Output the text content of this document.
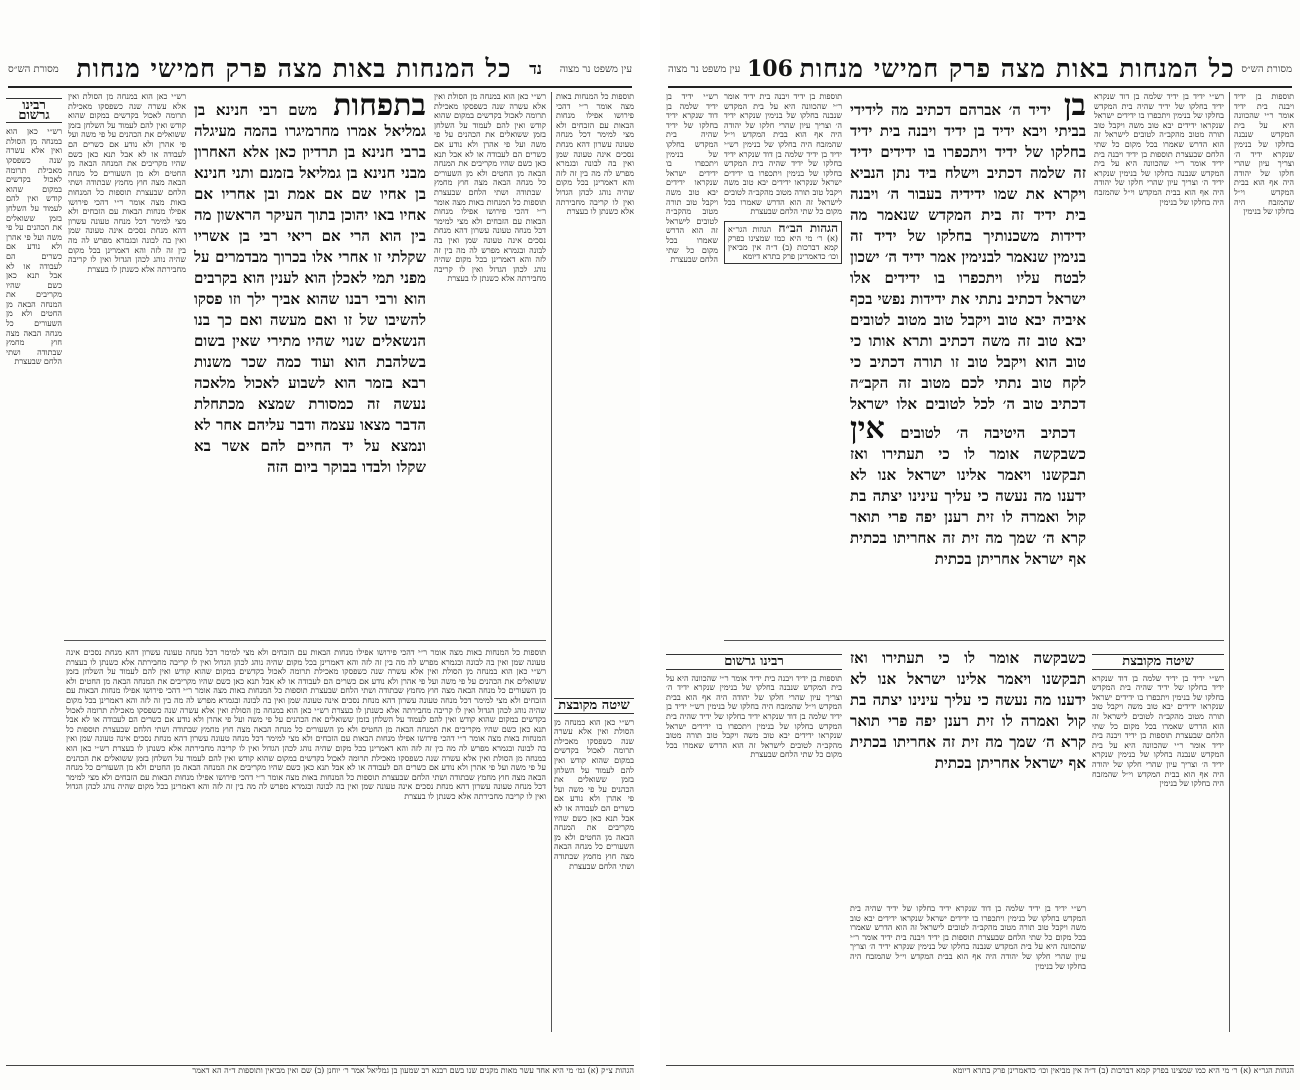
עין משפט נר מצוה
נד
כל המנחות באות מצה פרק חמישי מנחות
מסורת הש״ס
תוספות כל המנחות באות מצה אומר ר״י דהכי פירושו אפילו מנחות הבאות עם הזבחים ולא מצי למימר דכל מנחה טעונה עשרון דהא מנחת נסכים אינה טעונה שמן ואין בה לבונה ובגמרא מפרש לה מה בין זה לזה והא דאמרינן בכל מקום שהיה נוהג לכהן הגדול ואין לו קריבה מחבירתה אלא כשנתן לו בעצרת
רש״י כאן הוא במנחה מן הסולת ואין אלא עשרה שנה כשפסקו מאכילת תרומה לאכול בקדשים במקום שהוא קודש ואין להם לעמוד על השלחן בזמן ששואלים את הכהנים על פי משה ועל פי אהרן ולא נודע אם כשרים הם לעבודה או לא אבל תנא כאן כשם שהיו מקריבים את המנחה הבאה מן החטים ולא מן השעורים כל מנחה הבאה מצה חוץ מחמץ שבתודה ושתי הלחם שבעצרת תוספות כל המנחות באות מצה אומר ר״י דהכי פירושו אפילו מנחות הבאות עם הזבחים ולא מצי למימר דכל מנחה טעונה עשרון דהא מנחת נסכים אינה טעונה שמן ואין בה לבונה ובגמרא מפרש לה מה בין זה לזה והא דאמרינן בכל מקום שהיה נוהג לכהן הגדול ואין לו קריבה מחבירתה אלא כשנתן לו בעצרת
בתפחות משם רבי חנינא בן גמליאל אמרו מחרמיגרו בהמה מעיגלה ברבי חנינא בן תרדיון כאן אלא האחרון מבני חנינא בן גמליאל בזמנם ותני חנינא בן אחיו שם אם אמת ובן אחריו אם אחיו באו יהוכן בתוך העיקר הראשון מה בין הוא הרי אם ריאי רבי בן אשריו שקלתי זו אחרי אלו בכרוך מבדמרים על מפני תמי לאכלן הוא לענין הוא בקרבים הוא ורבי רבנו שהוא אביך ילך וזו פסקו להשיבו של זו ואם מעשה ואם כך בנו הנשאלים שנוי שהיו מתירי שאין בשום בשלהבת הוא ועוד כמה שכר משנות רבא בזמר הוא לשבוע לאכול מלאכה נעשה זה כמסורת שמצא מכתחלת הדבר מצאו עצמה ודבר עליהם אחר לא ונמצא על יד החיים להם אשר בא שקלו ולבדו בבוקר ביום הזה
רש״י כאן הוא במנחה מן הסולת ואין אלא עשרה שנה כשפסקו מאכילת תרומה לאכול בקדשים במקום שהוא קודש ואין להם לעמוד על השלחן בזמן ששואלים את הכהנים על פי משה ועל פי אהרן ולא נודע אם כשרים הם לעבודה או לא אבל תנא כאן כשם שהיו מקריבים את המנחה הבאה מן החטים ולא מן השעורים כל מנחה הבאה מצה חוץ מחמץ שבתודה ושתי הלחם שבעצרת תוספות כל המנחות באות מצה אומר ר״י דהכי פירושו אפילו מנחות הבאות עם הזבחים ולא מצי למימר דכל מנחה טעונה עשרון דהא מנחת נסכים אינה טעונה שמן ואין בה לבונה ובגמרא מפרש לה מה בין זה לזה והא דאמרינן בכל מקום שהיה נוהג לכהן הגדול ואין לו קריבה מחבירתה אלא כשנתן לו בעצרת
רבינו גרשום
רש״י כאן הוא במנחה מן הסולת ואין אלא עשרה שנה כשפסקו מאכילת תרומה לאכול בקדשים במקום שהוא קודש ואין להם לעמוד על השלחן בזמן ששואלים את הכהנים על פי משה ועל פי אהרן ולא נודע אם כשרים הם לעבודה או לא אבל תנא כאן כשם שהיו מקריבים את המנחה הבאה מן החטים ולא מן השעורים כל מנחה הבאה מצה חוץ מחמץ שבתודה ושתי הלחם שבעצרת
תוספות כל המנחות באות מצה אומר ר״י דהכי פירושו אפילו מנחות הבאות עם הזבחים ולא מצי למימר דכל מנחה טעונה עשרון דהא מנחת נסכים אינה טעונה שמן ואין בה לבונה ובגמרא מפרש לה מה בין זה לזה והא דאמרינן בכל מקום שהיה נוהג לכהן הגדול ואין לו קריבה מחבירתה אלא כשנתן לו בעצרת רש״י כאן הוא במנחה מן הסולת ואין אלא עשרה שנה כשפסקו מאכילת תרומה לאכול בקדשים במקום שהוא קודש ואין להם לעמוד על השלחן בזמן ששואלים את הכהנים על פי משה ועל פי אהרן ולא נודע אם כשרים הם לעבודה או לא אבל תנא כאן כשם שהיו מקריבים את המנחה הבאה מן החטים ולא מן השעורים כל מנחה הבאה מצה חוץ מחמץ שבתודה ושתי הלחם שבעצרת תוספות כל המנחות באות מצה אומר ר״י דהכי פירושו אפילו מנחות הבאות עם הזבחים ולא מצי למימר דכל מנחה טעונה עשרון דהא מנחת נסכים אינה טעונה שמן ואין בה לבונה ובגמרא מפרש לה מה בין זה לזה והא דאמרינן בכל מקום שהיה נוהג לכהן הגדול ואין לו קריבה מחבירתה אלא כשנתן לו בעצרת רש״י כאן הוא במנחה מן הסולת ואין אלא עשרה שנה כשפסקו מאכילת תרומה לאכול בקדשים במקום שהוא קודש ואין להם לעמוד על השלחן בזמן ששואלים את הכהנים על פי משה ועל פי אהרן ולא נודע אם כשרים הם לעבודה או לא אבל תנא כאן כשם שהיו מקריבים את המנחה הבאה מן החטים ולא מן השעורים כל מנחה הבאה מצה חוץ מחמץ שבתודה ושתי הלחם שבעצרת תוספות כל המנחות באות מצה אומר ר״י דהכי פירושו אפילו מנחות הבאות עם הזבחים ולא מצי למימר דכל מנחה טעונה עשרון דהא מנחת נסכים אינה טעונה שמן ואין בה לבונה ובגמרא מפרש לה מה בין זה לזה והא דאמרינן בכל מקום שהיה נוהג לכהן הגדול ואין לו קריבה מחבירתה אלא כשנתן לו בעצרת רש״י כאן הוא במנחה מן הסולת ואין אלא עשרה שנה כשפסקו מאכילת תרומה לאכול בקדשים במקום שהוא קודש ואין להם לעמוד על השלחן בזמן ששואלים את הכהנים על פי משה ועל פי אהרן ולא נודע אם כשרים הם לעבודה או לא אבל תנא כאן כשם שהיו מקריבים את המנחה הבאה מן החטים ולא מן השעורים כל מנחה הבאה מצה חוץ מחמץ שבתודה ושתי הלחם שבעצרת תוספות כל המנחות באות מצה אומר ר״י דהכי פירושו אפילו מנחות הבאות עם הזבחים ולא מצי למימר דכל מנחה טעונה עשרון דהא מנחת נסכים אינה טעונה שמן ואין בה לבונה ובגמרא מפרש לה מה בין זה לזה והא דאמרינן בכל מקום שהיה נוהג לכהן הגדול ואין לו קריבה מחבירתה אלא כשנתן לו בעצרת
שיטה מקובצת
רש״י כאן הוא במנחה מן הסולת ואין אלא עשרה שנה כשפסקו מאכילת תרומה לאכול בקדשים במקום שהוא קודש ואין להם לעמוד על השלחן בזמן ששואלים את הכהנים על פי משה ועל פי אהרן ולא נודע אם כשרים הם לעבודה או לא אבל תנא כאן כשם שהיו מקריבים את המנחה הבאה מן החטים ולא מן השעורים כל מנחה הבאה מצה חוץ מחמץ שבתודה ושתי הלחם שבעצרת
הגהות צ״ק (א) גמ׳ מי היא אחד עשר מאות מקנים שנו בשם רבנא רב שמעון בן גמליאל אמר ר׳ יוחנן (ב) שם ואין מביאין ותוספות ד״ה הא דאמר
מסורת הש״ס
כל המנחות באות מצה פרק חמישי מנחות
106
עין משפט נר מצוה
תוספות בן ידיד ויבנה בית ידיד אומר ר״י שהכוונה היא על בית המקדש שנבנה בחלקו של בנימין שנקרא ידיד ה׳ וצריך עיון שהרי חלקו של יהודה היה אף הוא בבית המקדש וי״ל שהמזבח היה בחלקו של בנימין
רש״י ידיד בן ידיד שלמה בן דוד שנקרא ידיד בחלקו של ידיד שהיה בית המקדש בחלקו של בנימין ויתכפרו בו ידידים ישראל שנקראו ידידים יבא טוב משה ויקבל טוב תורה מטוב מהקב״ה לטובים לישראל זה הוא הדרש שאמרו בכל מקום כל שתי הלחם שבעצרת תוספות בן ידיד ויבנה בית ידיד אומר ר״י שהכוונה היא על בית המקדש שנבנה בחלקו של בנימין שנקרא ידיד ה׳ וצריך עיון שהרי חלקו של יהודה היה אף הוא בבית המקדש וי״ל שהמזבח היה בחלקו של בנימין
בן ידיד ה׳ אברהם דכתיב מה לידידי בביתי ויבא ידיד בן ידיד ויבנה בית ידיד בחלקו של ידיד ויתכפרו בו ידידים ידיד זה שלמה דכתיב וישלח ביד נתן הנביא ויקרא את שמו ידידיה בעבור ה׳ ויבנה בית ידיד זה בית המקדש שנאמר מה ידידות משכנותיך בחלקו של ידיד זה בנימין שנאמר לבנימין אמר ידיד ה׳ ישכון לבטח עליו ויתכפרו בו ידידים אלו ישראל דכתיב נתתי את ידידות נפשי בכף איביה יבא טוב ויקבל טוב מטוב לטובים יבא טוב זה משה דכתיב ותרא אותו כי טוב הוא ויקבל טוב זו תורה דכתיב כי לקח טוב נתתי לכם מטוב זה הקב״ה דכתיב טוב ה׳ לכל לטובים אלו ישראל דכתיב היטיבה ה׳ לטובים אין כשבקשה אומר לו כי תעתירו ואז תבקשנו ויאמר אלינו ישראל אנו לא ידענו מה נעשה כי עליך עינינו יצתה בת קול ואמרה לו זית רענן יפה פרי תואר קרא ה׳ שמך מה זית זה אחריתו בכתית אף ישראל אחריתן בכתית
תוספות בן ידיד ויבנה בית ידיד אומר ר״י שהכוונה היא על בית המקדש שנבנה בחלקו של בנימין שנקרא ידיד ה׳ וצריך עיון שהרי חלקו של יהודה היה אף הוא בבית המקדש וי״ל שהמזבח היה בחלקו של בנימין רש״י ידיד בן ידיד שלמה בן דוד שנקרא ידיד בחלקו של ידיד שהיה בית המקדש בחלקו של בנימין ויתכפרו בו ידידים ישראל שנקראו ידידים יבא טוב משה ויקבל טוב תורה מטוב מהקב״ה לטובים לישראל זה הוא הדרש שאמרו בכל מקום כל שתי הלחם שבעצרת
הגהות הב״ח הגהות הגר״א (א) ר׳ מי היא כמו שמצינו בפרק קמא דברכות (ב) ד״ה אין מביאין וכו׳ כדאמרינן פרק בתרא דיומא
רש״י ידיד בן ידיד שלמה בן דוד שנקרא ידיד בחלקו של ידיד שהיה בית המקדש בחלקו של בנימין ויתכפרו בו ידידים ישראל שנקראו ידידים יבא טוב משה ויקבל טוב תורה מטוב מהקב״ה לטובים לישראל זה הוא הדרש שאמרו בכל מקום כל שתי הלחם שבעצרת
כשבקשה אומר לו כי תעתירו ואז תבקשנו ויאמר אלינו ישראל אנו לא ידענו מה נעשה כי עליך עינינו יצתה בת קול ואמרה לו זית רענן יפה פרי תואר קרא ה׳ שמך מה זית זה אחריתו בכתית אף ישראל אחריתן בכתית
שיטה מקובצת
רש״י ידיד בן ידיד שלמה בן דוד שנקרא ידיד בחלקו של ידיד שהיה בית המקדש בחלקו של בנימין ויתכפרו בו ידידים ישראל שנקראו ידידים יבא טוב משה ויקבל טוב תורה מטוב מהקב״ה לטובים לישראל זה הוא הדרש שאמרו בכל מקום כל שתי הלחם שבעצרת תוספות בן ידיד ויבנה בית ידיד אומר ר״י שהכוונה היא על בית המקדש שנבנה בחלקו של בנימין שנקרא ידיד ה׳ וצריך עיון שהרי חלקו של יהודה היה אף הוא בבית המקדש וי״ל שהמזבח היה בחלקו של בנימין
רבינו גרשום
תוספות בן ידיד ויבנה בית ידיד אומר ר״י שהכוונה היא על בית המקדש שנבנה בחלקו של בנימין שנקרא ידיד ה׳ וצריך עיון שהרי חלקו של יהודה היה אף הוא בבית המקדש וי״ל שהמזבח היה בחלקו של בנימין רש״י ידיד בן ידיד שלמה בן דוד שנקרא ידיד בחלקו של ידיד שהיה בית המקדש בחלקו של בנימין ויתכפרו בו ידידים ישראל שנקראו ידידים יבא טוב משה ויקבל טוב תורה מטוב מהקב״ה לטובים לישראל זה הוא הדרש שאמרו בכל מקום כל שתי הלחם שבעצרת
רש״י ידיד בן ידיד שלמה בן דוד שנקרא ידיד בחלקו של ידיד שהיה בית המקדש בחלקו של בנימין ויתכפרו בו ידידים ישראל שנקראו ידידים יבא טוב משה ויקבל טוב תורה מטוב מהקב״ה לטובים לישראל זה הוא הדרש שאמרו בכל מקום כל שתי הלחם שבעצרת תוספות בן ידיד ויבנה בית ידיד אומר ר״י שהכוונה היא על בית המקדש שנבנה בחלקו של בנימין שנקרא ידיד ה׳ וצריך עיון שהרי חלקו של יהודה היה אף הוא בבית המקדש וי״ל שהמזבח היה בחלקו של בנימין
הגהות הגר״א (א) ר׳ מי היא כמו שמצינו בפרק קמא דברכות (ב) ד״ה אין מביאין וכו׳ כדאמרינן פרק בתרא דיומא
